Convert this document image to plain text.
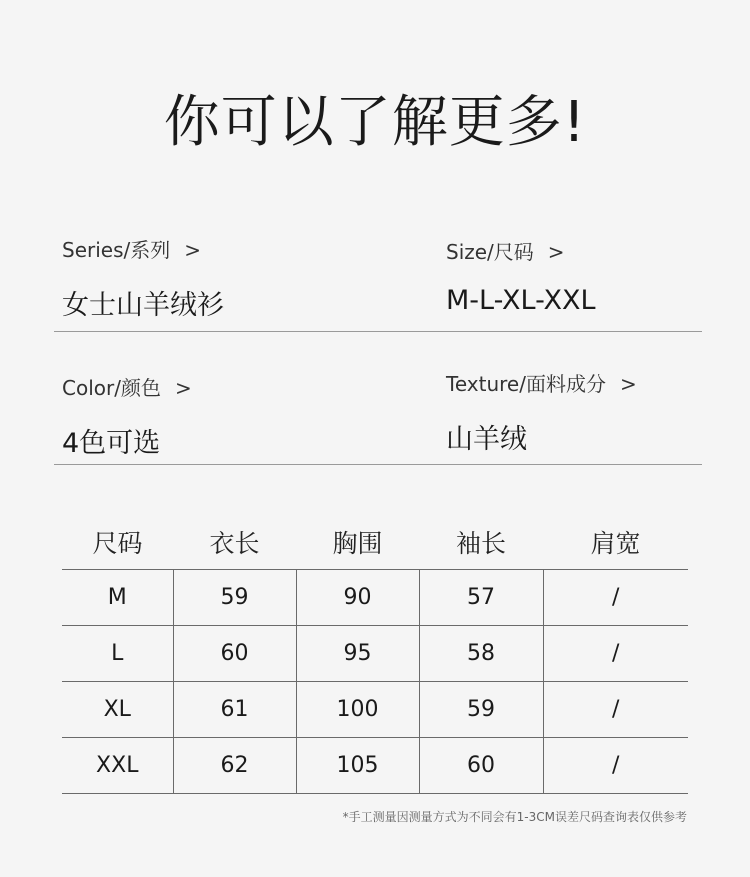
你可以了解更多!
Series/系列 >
女士山羊绒衫
Size/尺码 >
M-L-XL-XXL
Color/颜色 >
4色可选
Texture/面料成分 >
山羊绒
尺码	衣长	胸围	袖长	肩宽
M	59	90	57	/
L	60	95	58	/
XL	61	100	59	/
XXL	62	105	60	/
*手工测量因测量方式为不同会有1-3CM误差尺码查询表仅供参考
